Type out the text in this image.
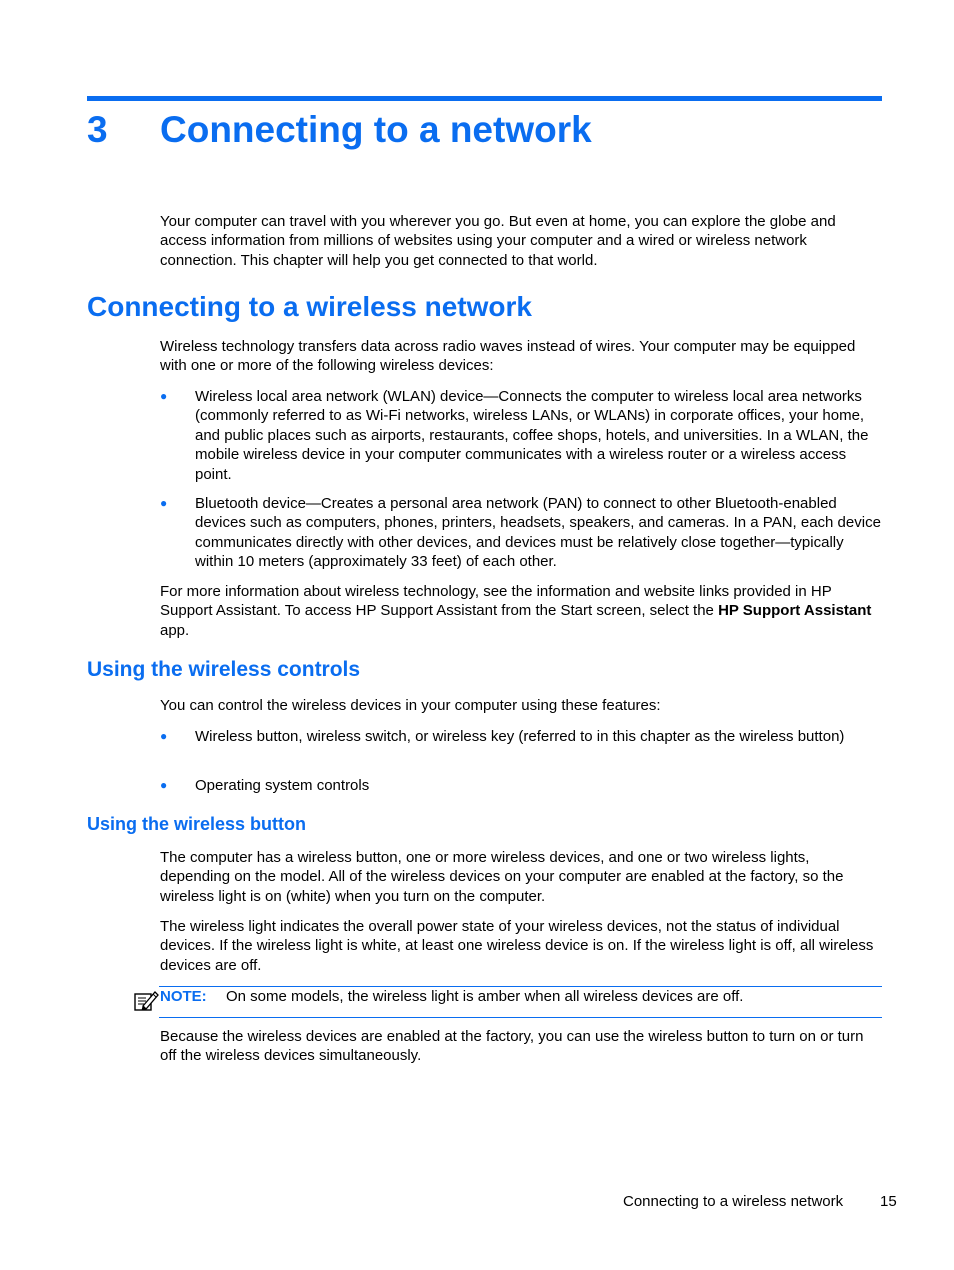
3 Connecting to a network

Your computer can travel with you wherever you go. But even at home, you can explore the globe and access information from millions of websites using your computer and a wired or wireless network connection. This chapter will help you get connected to that world.

Connecting to a wireless network

Wireless technology transfers data across radio waves instead of wires. Your computer may be equipped with one or more of the following wireless devices:

● Wireless local area network (WLAN) device—Connects the computer to wireless local area networks (commonly referred to as Wi-Fi networks, wireless LANs, or WLANs) in corporate offices, your home, and public places such as airports, restaurants, coffee shops, hotels, and universities. In a WLAN, the mobile wireless device in your computer communicates with a wireless router or a wireless access point.
● Bluetooth device—Creates a personal area network (PAN) to connect to other Bluetooth-enabled devices such as computers, phones, printers, headsets, speakers, and cameras. In a PAN, each device communicates directly with other devices, and devices must be relatively close together—typically within 10 meters (approximately 33 feet) of each other.

For more information about wireless technology, see the information and website links provided in HP Support Assistant. To access HP Support Assistant from the Start screen, select the HP Support Assistant app.

Using the wireless controls

You can control the wireless devices in your computer using these features:

● Wireless button, wireless switch, or wireless key (referred to in this chapter as the wireless button)
● Operating system controls
Using the wireless button

The computer has a wireless button, one or more wireless devices, and one or two wireless lights, depending on the model. All of the wireless devices on your computer are enabled at the factory, so the wireless light is on (white) when you turn on the computer.

The wireless light indicates the overall power state of your wireless devices, not the status of individual devices. If the wireless light is white, at least one wireless device is on. If the wireless light is off, all wireless devices are off.

NOTE: On some models, the wireless light is amber when all wireless devices are off.

Because the wireless devices are enabled at the factory, you can use the wireless button to turn on or turn off the wireless devices simultaneously.

Connecting to a wireless network 15
